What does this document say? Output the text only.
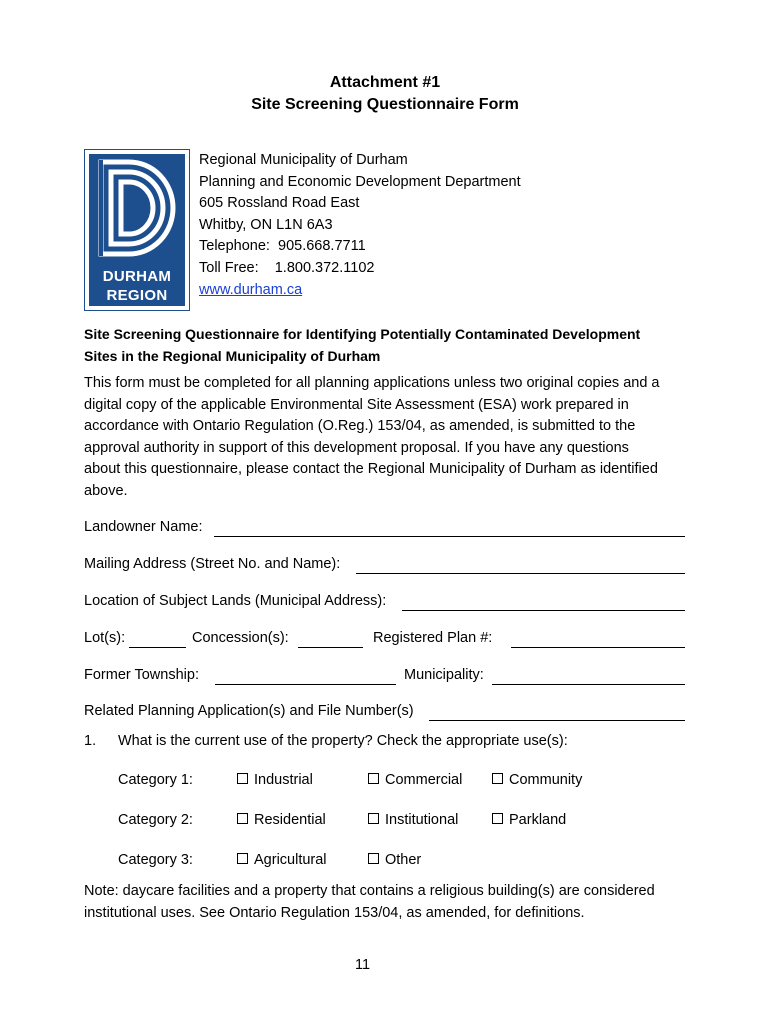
Attachment #1
Site Screening Questionnaire Form
DURHAM
REGION
Regional Municipality of Durham
Planning and Economic Development Department
605 Rossland Road East
Whitby, ON L1N 6A3
Telephone:  905.668.7711
Toll Free:    1.800.372.1102
www.durham.ca
Site Screening Questionnaire for Identifying Potentially Contaminated Development
Sites in the Regional Municipality of Durham
This form must be completed for all planning applications unless two original copies and a
digital copy of the applicable Environmental Site Assessment (ESA) work prepared in
accordance with Ontario Regulation (O.Reg.) 153/04, as amended, is submitted to the
approval authority in support of this development proposal. If you have any questions
about this questionnaire, please contact the Regional Municipality of Durham as identified
above.
Landowner Name:
Mailing Address (Street No. and Name):
Location of Subject Lands (Municipal Address):
Lot(s):	Concession(s):	Registered Plan #:
Former Township:	Municipality:
Related Planning Application(s) and File Number(s)
1. What is the current use of the property? Check the appropriate use(s):
Category 1:	Industrial	Commercial	Community
Category 2:	Residential	Institutional	Parkland
Category 3:	Agricultural	Other
Note: daycare facilities and a property that contains a religious building(s) are considered
institutional uses. See Ontario Regulation 153/04, as amended, for definitions.
11
